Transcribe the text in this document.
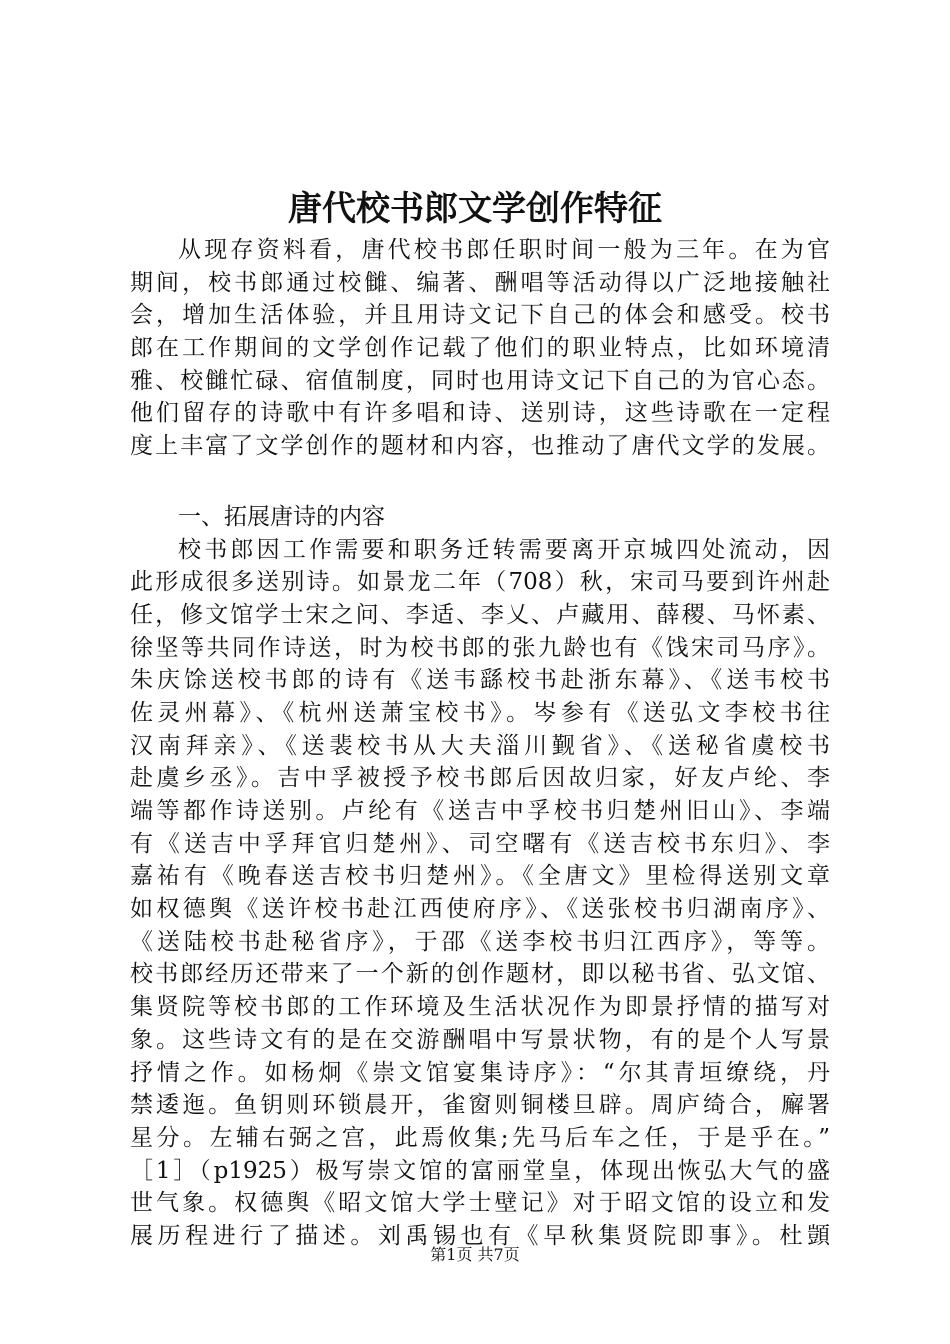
唐代校书郎文学创作特征
从现存资料看，唐代校书郎任职时间一般为三年。在为官
期间，校书郎通过校雠、编著、酬唱等活动得以广泛地接触社
会，增加生活体验，并且用诗文记下自己的体会和感受。校书
郎在工作期间的文学创作记载了他们的职业特点，比如环境清
雅、校雠忙碌、宿值制度，同时也用诗文记下自己的为官心态。
他们留存的诗歌中有许多唱和诗、送别诗，这些诗歌在一定程
度上丰富了文学创作的题材和内容，也推动了唐代文学的发展。
一、拓展唐诗的内容
校书郎因工作需要和职务迁转需要离开京城四处流动，因
此形成很多送别诗。如景龙二年（708）秋，宋司马要到许州赴
任，修文馆学士宋之问、李适、李乂、卢藏用、薛稷、马怀素、
徐坚等共同作诗送，时为校书郎的张九龄也有《饯宋司马序》。
朱庆馀送校书郎的诗有《送韦繇校书赴浙东幕》、《送韦校书
佐灵州幕》、《杭州送萧宝校书》。岑参有《送弘文李校书往
汉南拜亲》、《送裴校书从大夫淄川觐省》、《送秘省虞校书
赴虞乡丞》。吉中孚被授予校书郎后因故归家，好友卢纶、李
端等都作诗送别。卢纶有《送吉中孚校书归楚州旧山》、李端
有《送吉中孚拜官归楚州》、司空曙有《送吉校书东归》、李
嘉祐有《晚春送吉校书归楚州》。《全唐文》里检得送别文章
如权德舆《送许校书赴江西使府序》、《送张校书归湖南序》、
《送陆校书赴秘省序》，于邵《送李校书归江西序》，等等。
校书郎经历还带来了一个新的创作题材，即以秘书省、弘文馆、
集贤院等校书郎的工作环境及生活状况作为即景抒情的描写对
象。这些诗文有的是在交游酬唱中写景状物，有的是个人写景
抒情之作。如杨炯《崇文馆宴集诗序》：“尔其青垣缭绕，丹
禁逶迤。鱼钥则环锁晨开，雀窗则铜楼旦辟。周庐绮合，廨署
星分。左辅右弼之宫，此焉攸集;先马后车之任，于是乎在。”
［1］（p1925）极写崇文馆的富丽堂皇，体现出恢弘大气的盛
世气象。权德舆《昭文馆大学士壁记》对于昭文馆的设立和发
展历程进行了描述。刘禹锡也有《早秋集贤院即事》。杜顗
第1页 共7页
